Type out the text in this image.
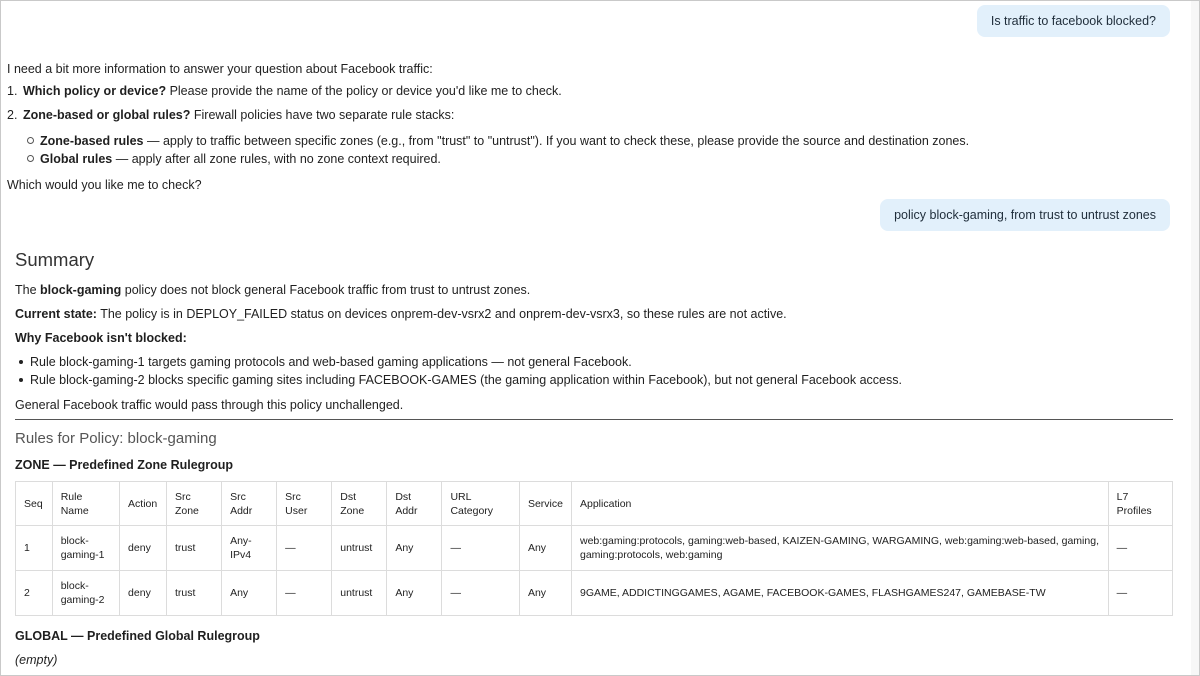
Is traffic to facebook blocked?

I need a bit more information to answer your question about Facebook traffic:

1. Which policy or device? Please provide the name of the policy or device you'd like me to check.
2. Zone-based or global rules? Firewall policies have two separate rule stacks:
Zone-based rules — apply to traffic between specific zones (e.g., from "trust" to "untrust"). If you want to check these, please provide the source and destination zones.
Global rules — apply after all zone rules, with no zone context required.
Which would you like me to check?
policy block-gaming, from trust to untrust zones
Summary
The block-gaming policy does not block general Facebook traffic from trust to untrust zones.
Current state: The policy is in DEPLOY_FAILED status on devices onprem-dev-vsrx2 and onprem-dev-vsrx3, so these rules are not active.
Why Facebook isn't blocked:
Rule block-gaming-1 targets gaming protocols and web-based gaming applications — not general Facebook.
Rule block-gaming-2 blocks specific gaming sites including FACEBOOK-GAMES (the gaming application within Facebook), but not general Facebook access.
General Facebook traffic would pass through this policy unchallenged.
Rules for Policy: block-gaming
ZONE — Predefined Zone Rulegroup
Seq	Rule Name	Action	Src Zone	Src Addr	Src User	Dst Zone	Dst Addr	URL Category	Service	Application	L7 Profiles
1	block-gaming-1	deny	trust	Any-IPv4	—	untrust	Any	—	Any	web:gaming:protocols, gaming:web-based, KAIZEN-GAMING, WARGAMING, web:gaming:web-based, gaming, gaming:protocols, web:gaming	—
2	block-gaming-2	deny	trust	Any	—	untrust	Any	—	Any	9GAME, ADDICTINGGAMES, AGAME, FACEBOOK-GAMES, FLASHGAMES247, GAMEBASE-TW	—
GLOBAL — Predefined Global Rulegroup
(empty)
